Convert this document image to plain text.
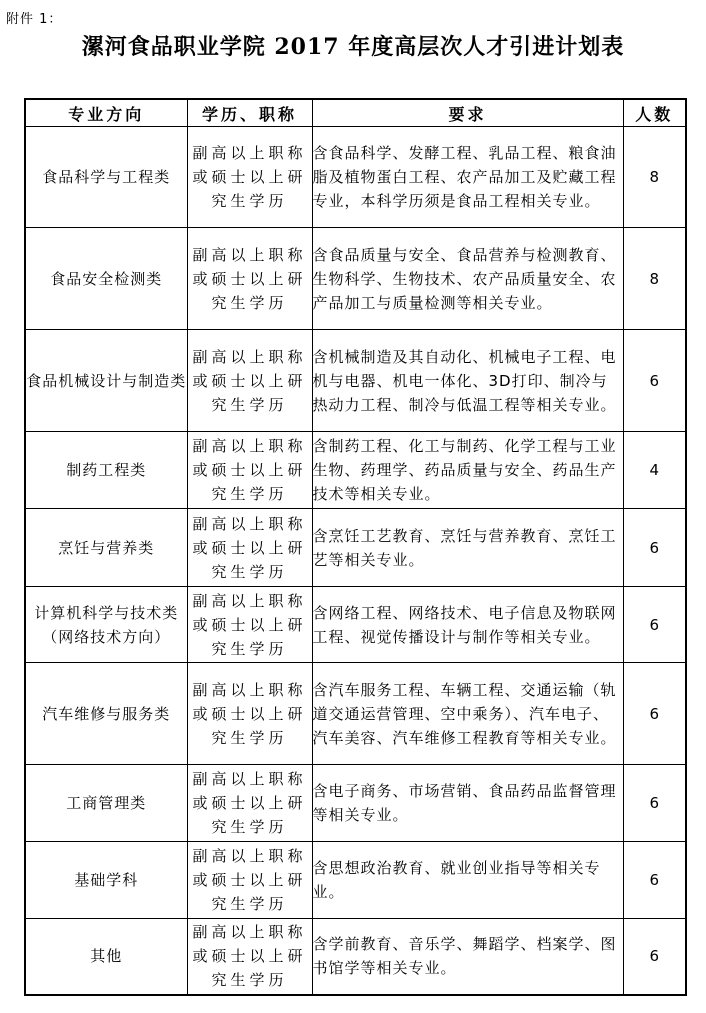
附件 1：
漯河食品职业学院 2017 年度高层次人才引进计划表
专业方向	学历、职称	要求	人数
食品科学与工程类	副高以上职称或硕士以上研究生学历	含食品科学、发酵工程、乳品工程、粮食油脂及植物蛋白工程、农产品加工及贮藏工程专业，本科学历须是食品工程相关专业。	8
食品安全检测类	副高以上职称或硕士以上研究生学历	含食品质量与安全、食品营养与检测教育、生物科学、生物技术、农产品质量安全、农产品加工与质量检测等相关专业。	8
食品机械设计与制造类	副高以上职称或硕士以上研究生学历	含机械制造及其自动化、机械电子工程、电机与电器、机电一体化、3D打印、制冷与热动力工程、制冷与低温工程等相关专业。	6
制药工程类	副高以上职称或硕士以上研究生学历	含制药工程、化工与制药、化学工程与工业生物、药理学、药品质量与安全、药品生产技术等相关专业。	4
烹饪与营养类	副高以上职称或硕士以上研究生学历	含烹饪工艺教育、烹饪与营养教育、烹饪工艺等相关专业。	6

计算机科学与技术类
（网络技术方向）	副高以上职称或硕士以上研究生学历	含网络工程、网络技术、电子信息及物联网工程、视觉传播设计与制作等相关专业。	6
汽车维修与服务类	副高以上职称或硕士以上研究生学历	含汽车服务工程、车辆工程、交通运输（轨道交通运营管理、空中乘务）、汽车电子、汽车美容、汽车维修工程教育等相关专业。	6
工商管理类	副高以上职称或硕士以上研究生学历	含电子商务、市场营销、食品药品监督管理等相关专业。	6
基础学科	副高以上职称或硕士以上研究生学历	含思想政治教育、就业创业指导等相关专业。	6
其他	副高以上职称或硕士以上研究生学历	含学前教育、音乐学、舞蹈学、档案学、图书馆学等相关专业。	6
